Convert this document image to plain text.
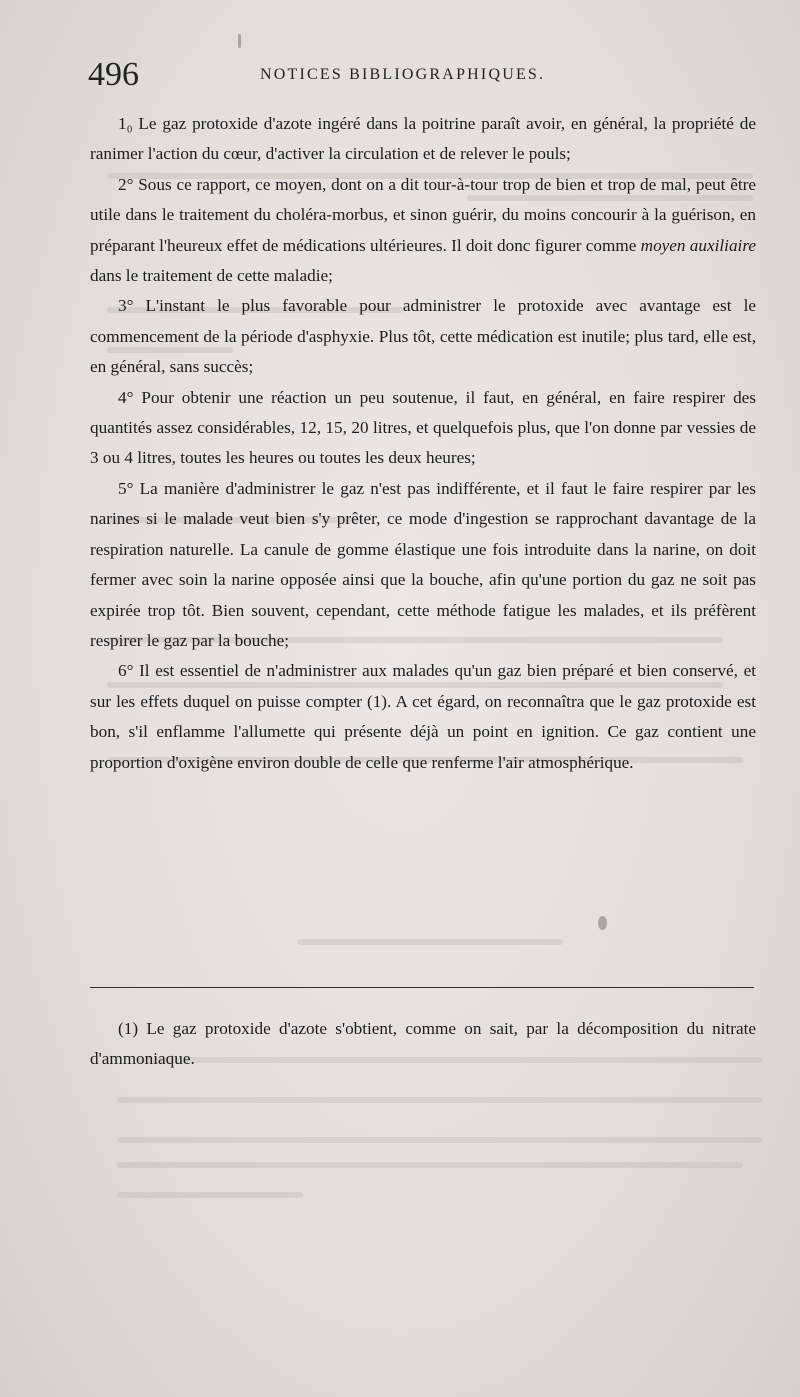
496	NOTICES BIBLIOGRAPHIQUES.

1₀ Le gaz protoxide d'azote ingéré dans la poitrine paraît avoir, en général, la propriété de ranimer l'action du cœur, d'activer la circulation et de relever le pouls;

2° Sous ce rapport, ce moyen, dont on a dit tour-à-tour trop de bien et trop de mal, peut être utile dans le traitement du choléra-morbus, et sinon guérir, du moins concourir à la guérison, en préparant l'heureux effet de médications ultérieures. Il doit donc figurer comme moyen auxiliaire dans le traitement de cette maladie;

3° L'instant le plus favorable pour administrer le protoxide avec avantage est le commencement de la période d'asphyxie. Plus tôt, cette médication est inutile; plus tard, elle est, en général, sans succès;

4° Pour obtenir une réaction un peu soutenue, il faut, en général, en faire respirer des quantités assez considérables, 12, 15, 20 litres, et quelquefois plus, que l'on donne par vessies de 3 ou 4 litres, toutes les heures ou toutes les deux heures;

5° La manière d'administrer le gaz n'est pas indifférente, et il faut le faire respirer par les narines si le malade veut bien s'y prêter, ce mode d'ingestion se rapprochant davantage de la respiration naturelle. La canule de gomme élastique une fois introduite dans la narine, on doit fermer avec soin la narine opposée ainsi que la bouche, afin qu'une portion du gaz ne soit pas expirée trop tôt. Bien souvent, cependant, cette méthode fatigue les malades, et ils préfèrent respirer le gaz par la bouche;

6° Il est essentiel de n'administrer aux malades qu'un gaz bien préparé et bien conservé, et sur les effets duquel on puisse compter (1). A cet égard, on reconnaîtra que le gaz protoxide est bon, s'il enflamme l'allumette qui présente déjà un point en ignition. Ce gaz contient une proportion d'oxigène environ double de celle que renferme l'air atmosphérique.

(1) Le gaz protoxide d'azote s'obtient, comme on sait, par la décomposition du nitrate d'ammoniaque.
